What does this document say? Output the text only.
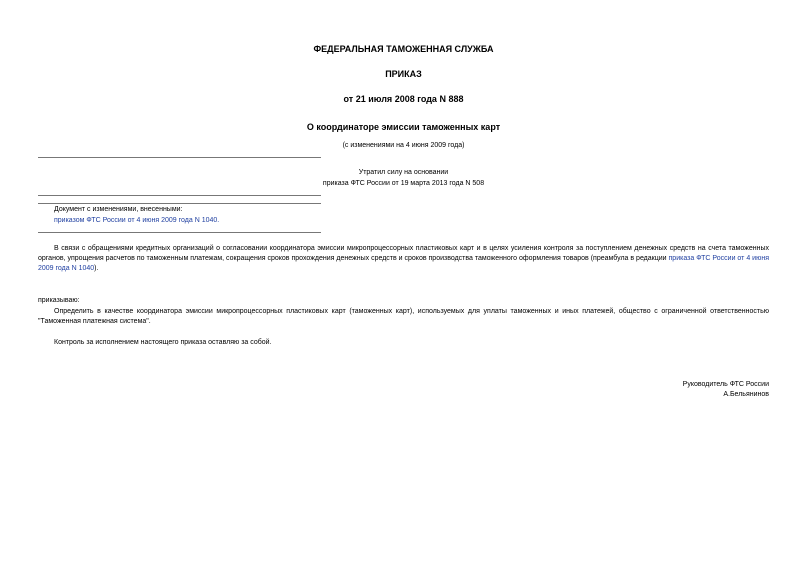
ФЕДЕРАЛЬНАЯ ТАМОЖЕННАЯ СЛУЖБА
ПРИКАЗ
от 21 июля 2008 года N 888
О координаторе эмиссии таможенных карт
(с изменениями на 4 июня 2009 года)
Утратил силу на основании
приказа ФТС России от 19 марта 2013 года N 508
Документ с изменениями, внесенными:
приказом ФТС России от 4 июня 2009 года N 1040.
В связи с обращениями кредитных организаций о согласовании координатора эмиссии микропроцессорных пластиковых карт и в целях усиления контроля за поступлением денежных средств на счета таможенных органов, упрощения расчетов по таможенным платежам, сокращения сроков прохождения денежных средств и сроков производства таможенного оформления товаров (преамбула в редакции приказа ФТС России от 4 июня 2009 года N 1040).
приказываю:
Определить в качестве координатора эмиссии микропроцессорных пластиковых карт (таможенных карт), используемых для уплаты таможенных и иных платежей, общество с ограниченной ответственностью "Таможенная платежная система".
Контроль за исполнением настоящего приказа оставляю за собой.
Руководитель ФТС России
А.Бельянинов
